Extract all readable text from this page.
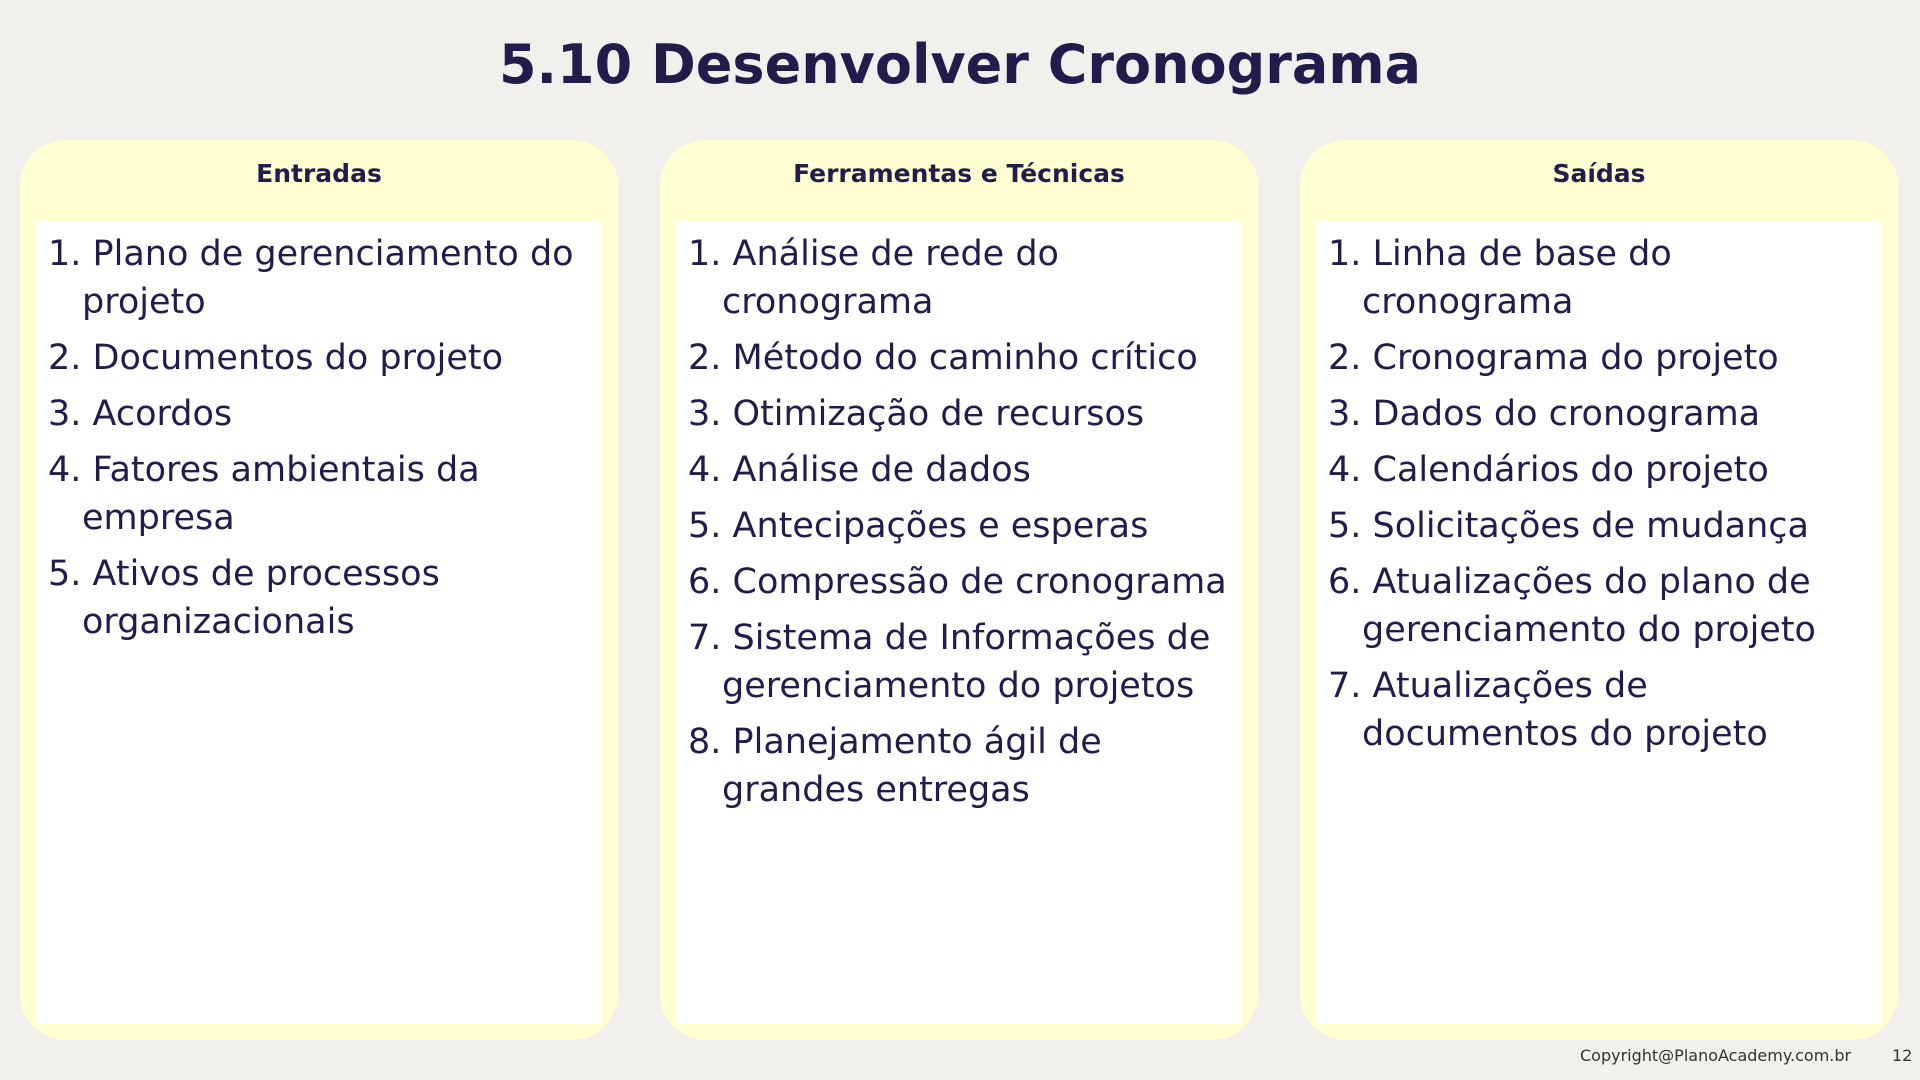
5.10 Desenvolver Cronograma
Entradas
1. Plano de gerenciamento do projeto
2. Documentos do projeto
3. Acordos
4. Fatores ambientais da empresa
5. Ativos de processos organizacionais
Ferramentas e Técnicas
1. Análise de rede do cronograma
2. Método do caminho crítico
3. Otimização de recursos
4. Análise de dados
5. Antecipações e esperas
6. Compressão de cronograma
7. Sistema de Informações de gerenciamento do projetos
8. Planejamento ágil de grandes entregas
Saídas
1. Linha de base do cronograma
2. Cronograma do projeto
3. Dados do cronograma
4. Calendários do projeto
5. Solicitações de mudança
6. Atualizações do plano de gerenciamento do projeto
7. Atualizações de documentos do projeto
Copyright@PlanoAcademy.com.br	12
